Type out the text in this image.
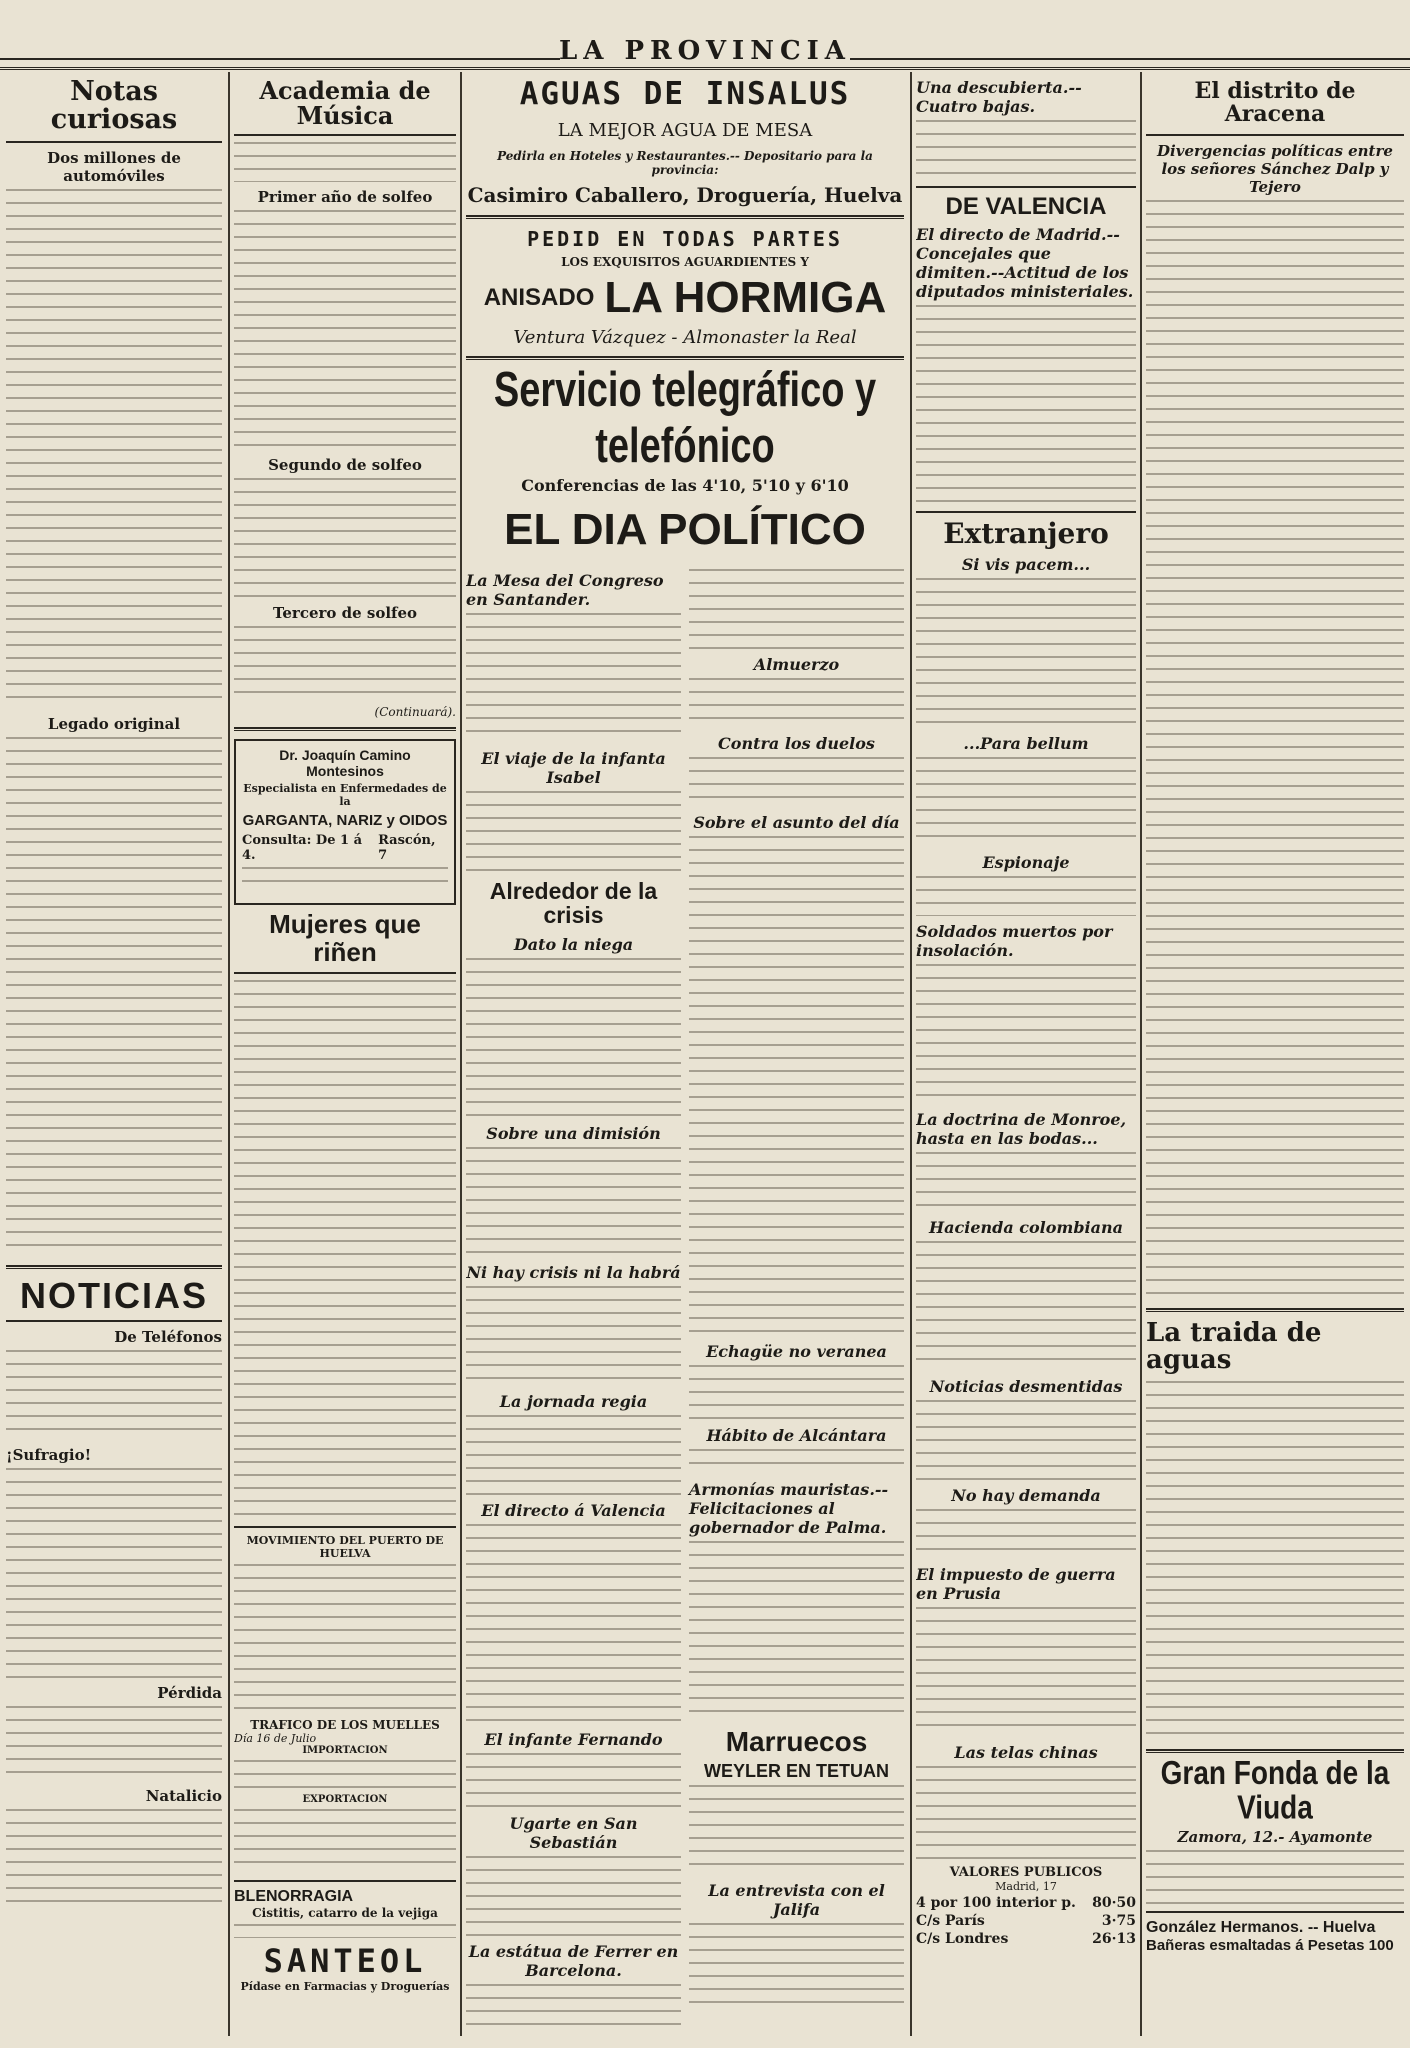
LA PROVINCIA
Notas curiosas
Dos millones de automóviles
Legado original
NOTICIAS
De Teléfonos
¡Sufragio!
Pérdida
Natalicio
Academia de Música
Primer año de solfeo
Segundo de solfeo
Tercero de solfeo
(Continuará).
Dr. Joaquín Camino Montesinos
Especialista en Enfermedades de la
GARGANTA, NARIZ y OIDOS
Consulta: De 1 á 4.
Rascón, 7
Mujeres que riñen
MOVIMIENTO DEL PUERTO DE HUELVA
TRAFICO DE LOS MUELLES
Día 16 de Julio
IMPORTACION
EXPORTACION
BLENORRAGIA
Cistitis, catarro de la vejiga
SANTEOL
Pídase en Farmacias y Droguerías
AGUAS DE INSALUS
LA MEJOR AGUA DE MESA
Pedirla en Hoteles y Restaurantes.-- Depositario para la provincia:
Casimiro Caballero, Droguería, Huelva
PEDID EN TODAS PARTES
LOS EXQUISITOS AGUARDIENTES Y
ANISADO LA HORMIGA
Ventura Vázquez - Almonaster la Real
Servicio telegráfico y telefónico
Conferencias de las 4'10, 5'10 y 6'10
EL DIA POLÍTICO
La Mesa del Congreso en Santander.
El viaje de la infanta Isabel
Alrededor de la crisis
Dato la niega
Sobre una dimisión
Ni hay crisis ni la habrá
La jornada regia
El directo á Valencia
El infante Fernando
Ugarte en San Sebastián
La estátua de Ferrer en Barcelona.
Almuerzo
Contra los duelos
Sobre el asunto del día
Echagüe no veranea
Hábito de Alcántara
Armonías mauristas.--Felicitaciones al gobernador de Palma.
Marruecos
WEYLER EN TETUAN
La entrevista con el Jalifa
Una descubierta.--Cuatro bajas.
DE VALENCIA
El directo de Madrid.--Concejales que dimiten.--Actitud de los diputados ministeriales.
Extranjero
Si vis pacem...
...Para bellum
Espionaje
Soldados muertos por insolación.
La doctrina de Monroe, hasta en las bodas...
Hacienda colombiana
Noticias desmentidas
No hay demanda
El impuesto de guerra en Prusia
Las telas chinas
VALORES PUBLICOS
Madrid, 17
4 por 100 interior p. 80·50
C/s París	3·75
C/s Londres	26·13
El distrito de Aracena
Divergencias políticas entre los señores Sánchez Dalp y Tejero
La traida de aguas
Gran Fonda de la Viuda
Zamora, 12.- Ayamonte
González Hermanos. -- Huelva
Bañeras esmaltadas á Pesetas 100
